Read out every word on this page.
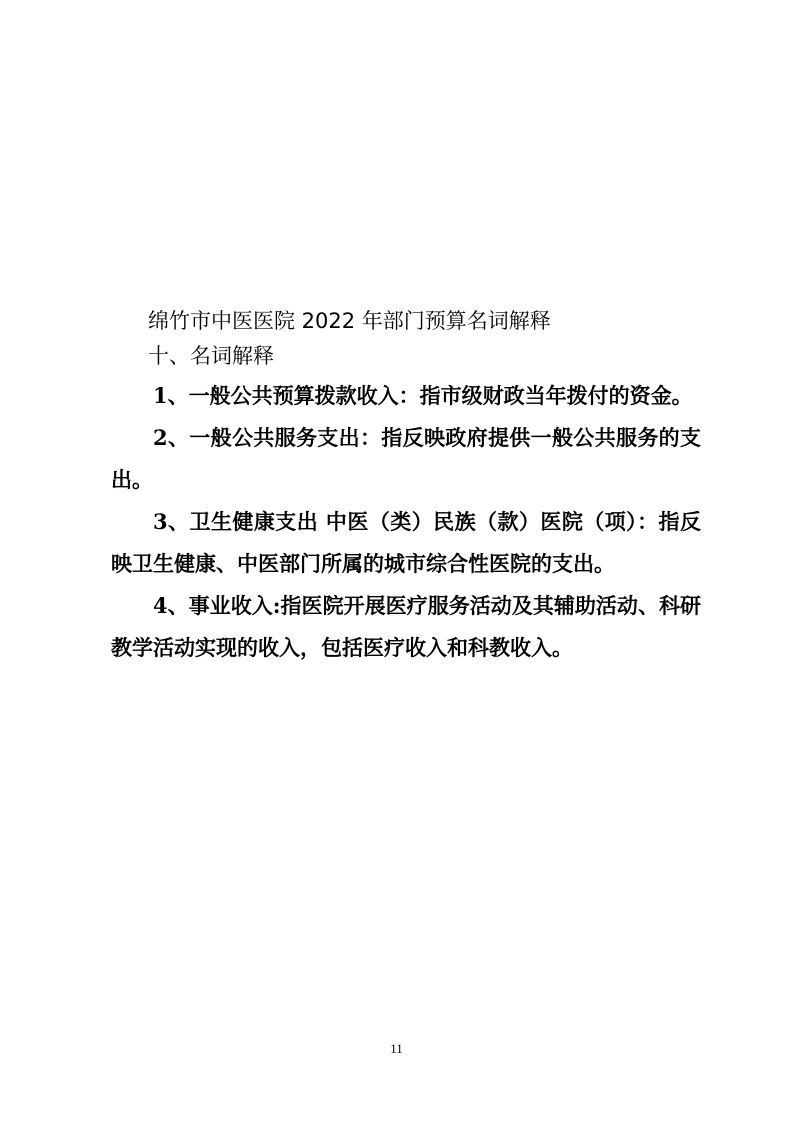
绵竹市中医医院 2022 年部门预算名词解释
十、名词解释

1、一般公共预算拨款收入：指市级财政当年拨付的资金。

2、一般公共服务支出：指反映政府提供一般公共服务的支出。

3、卫生健康支出 中医（类）民族（款）医院（项）：指反映卫生健康、中医部门所属的城市综合性医院的支出。

4、事业收入:指医院开展医疗服务活动及其辅助活动、科研教学活动实现的收入，包括医疗收入和科教收入。

11
